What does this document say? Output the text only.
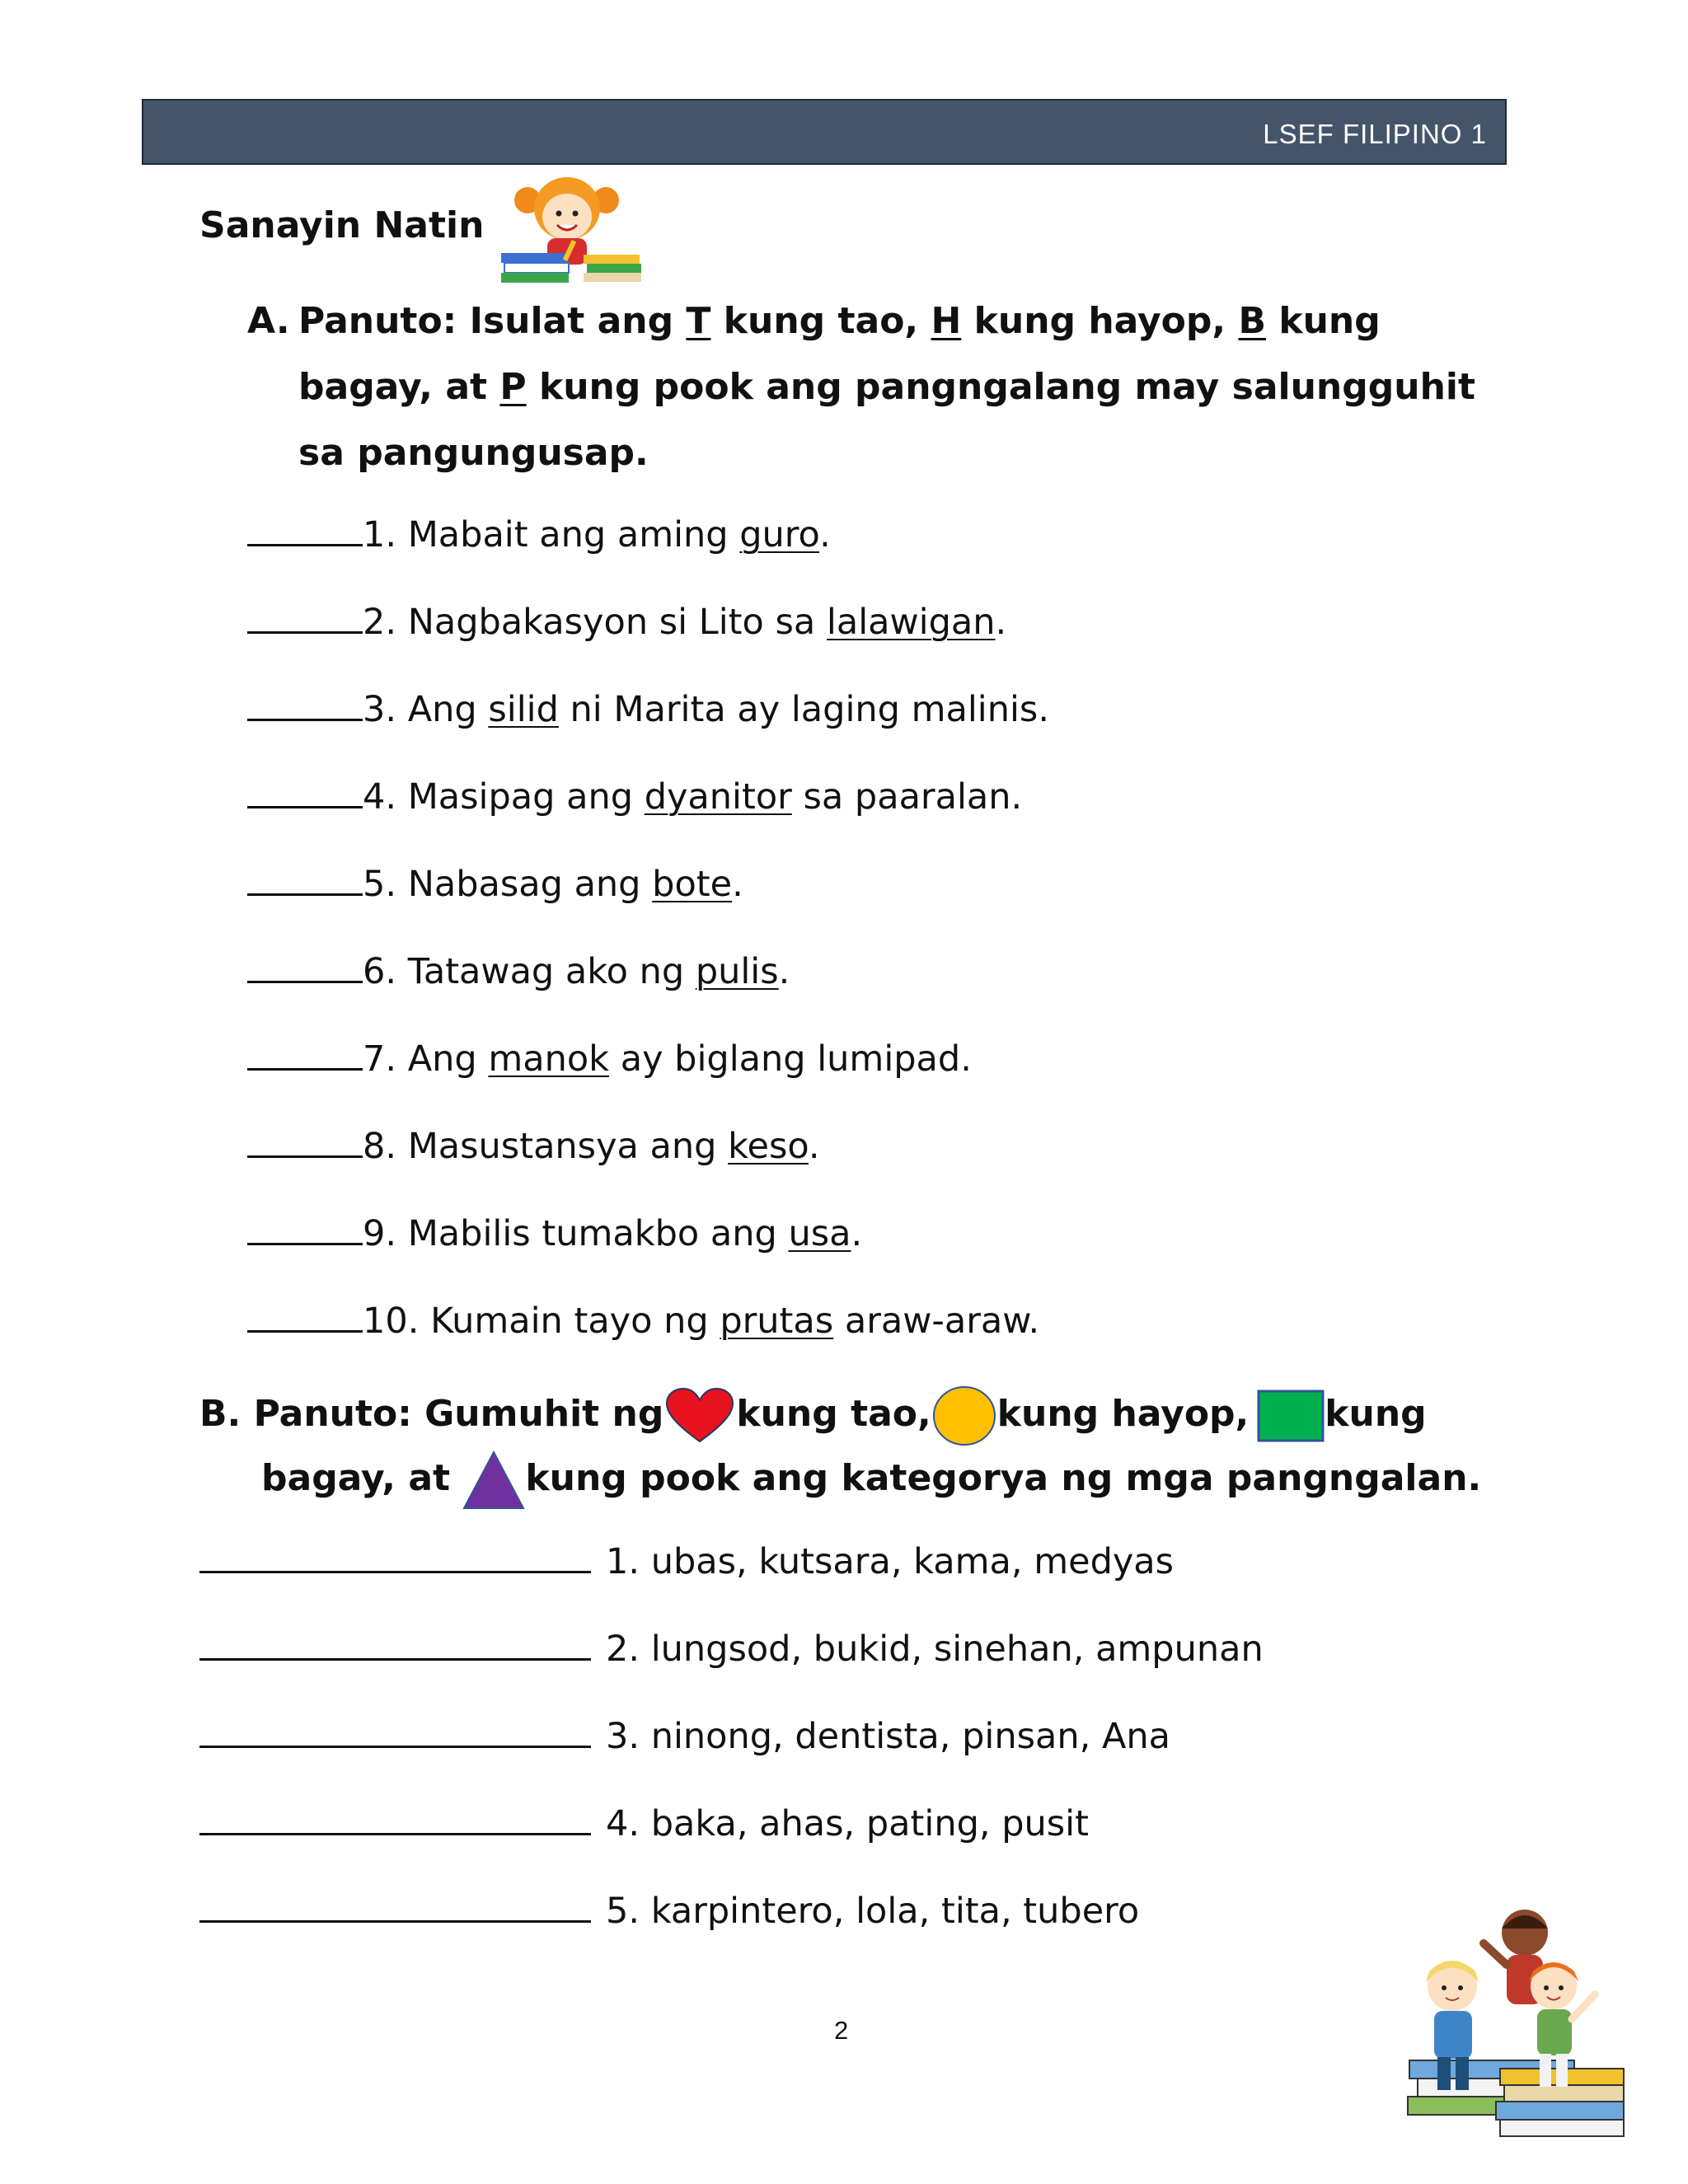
LSEF FILIPINO 1
Sanayin Natin
A. Panuto: Isulat ang T kung tao, H kung hayop, B kung bagay, at P kung pook ang pangngalang may salungguhit sa pangungusap.
1. Mabait ang aming guro.
2. Nagbakasyon si Lito sa lalawigan.
3. Ang silid ni Marita ay laging malinis.
4. Masipag ang dyanitor sa paaralan.
5. Nabasag ang bote.
6. Tatawag ako ng pulis.
7. Ang manok ay biglang lumipad.
8. Masustansya ang keso.
9. Mabilis tumakbo ang usa.
10. Kumain tayo ng prutas araw-araw.
B. Panuto: Gumuhit ng kung tao, kung hayop, kung
bagay, at kung pook ang kategorya ng mga pangngalan.
1. ubas, kutsara, kama, medyas
2. lungsod, bukid, sinehan, ampunan
3. ninong, dentista, pinsan, Ana
4. baka, ahas, pating, pusit
5. karpintero, lola, tita, tubero
2
